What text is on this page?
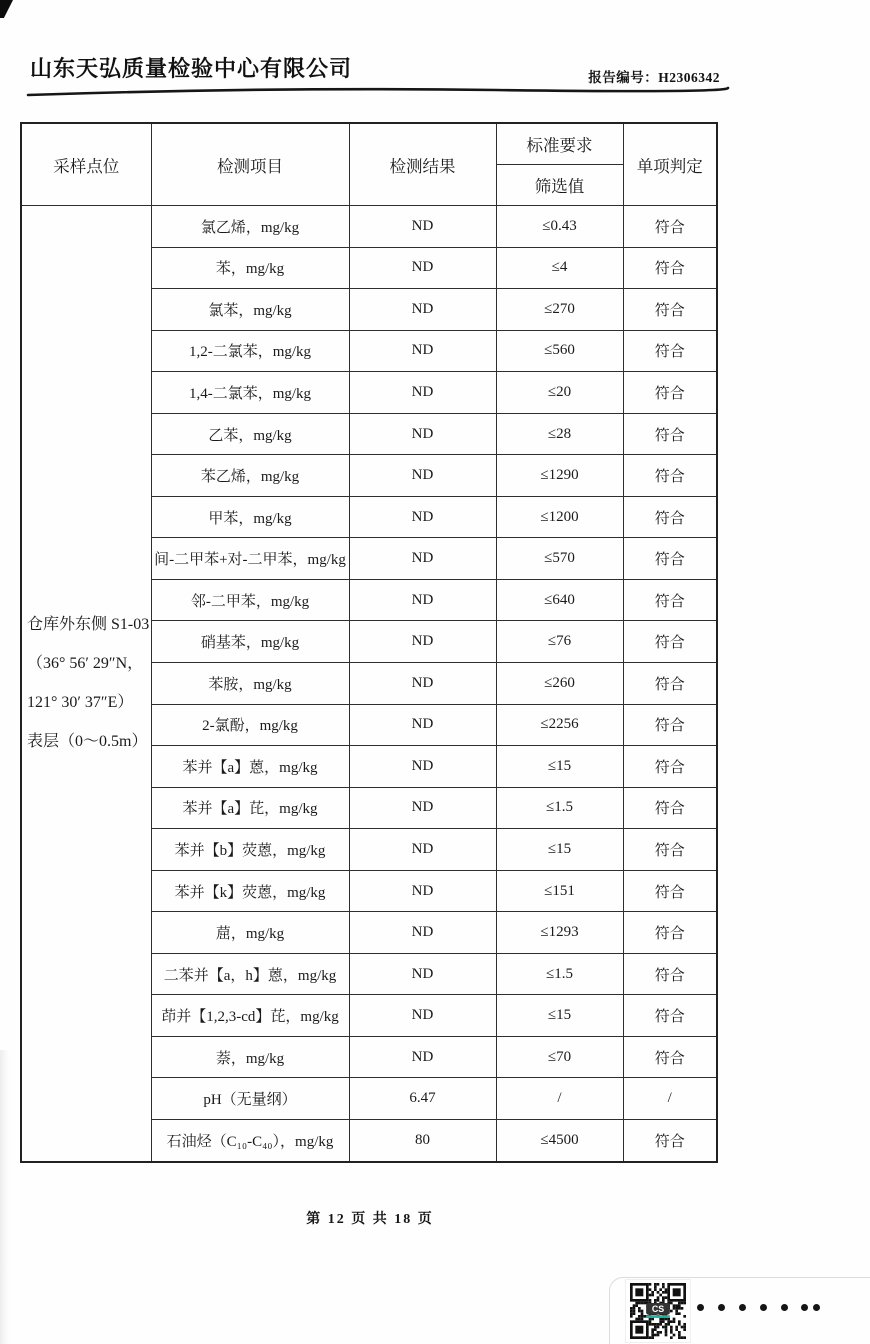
山东天弘质量检验中心有限公司	报告编号：H2306342
采样点位	检测项目	检测结果	标准要求	单项判定
			筛选值	

仓库外东侧 S1-03
（36° 56′ 29″N，
121° 30′ 37″E）
表层（0～0.5m）	氯乙烯，mg/kg	ND	≤0.43	符合
	苯，mg/kg	ND	≤4	符合
	氯苯，mg/kg	ND	≤270	符合
	1,2-二氯苯，mg/kg	ND	≤560	符合
	1,4-二氯苯，mg/kg	ND	≤20	符合
	乙苯，mg/kg	ND	≤28	符合
	苯乙烯，mg/kg	ND	≤1290	符合
	甲苯，mg/kg	ND	≤1200	符合
	间-二甲苯+对-二甲苯，mg/kg	ND	≤570	符合
	邻-二甲苯，mg/kg	ND	≤640	符合
	硝基苯，mg/kg	ND	≤76	符合
	苯胺，mg/kg	ND	≤260	符合
	2-氯酚，mg/kg	ND	≤2256	符合
	苯并【a】蒽，mg/kg	ND	≤15	符合
	苯并【a】芘，mg/kg	ND	≤1.5	符合
	苯并【b】荧蒽，mg/kg	ND	≤15	符合
	苯并【k】荧蒽，mg/kg	ND	≤151	符合
	䓛，mg/kg	ND	≤1293	符合
	二苯并【a，h】蒽，mg/kg	ND	≤1.5	符合
	茚并【1,2,3-cd】芘，mg/kg	ND	≤15	符合
	萘，mg/kg	ND	≤70	符合
	pH（无量纲）	6.47	/	/
	石油烃（C₁₀-C₄₀），mg/kg	80	≤4500	符合
第 12 页 共 18 页
CS
